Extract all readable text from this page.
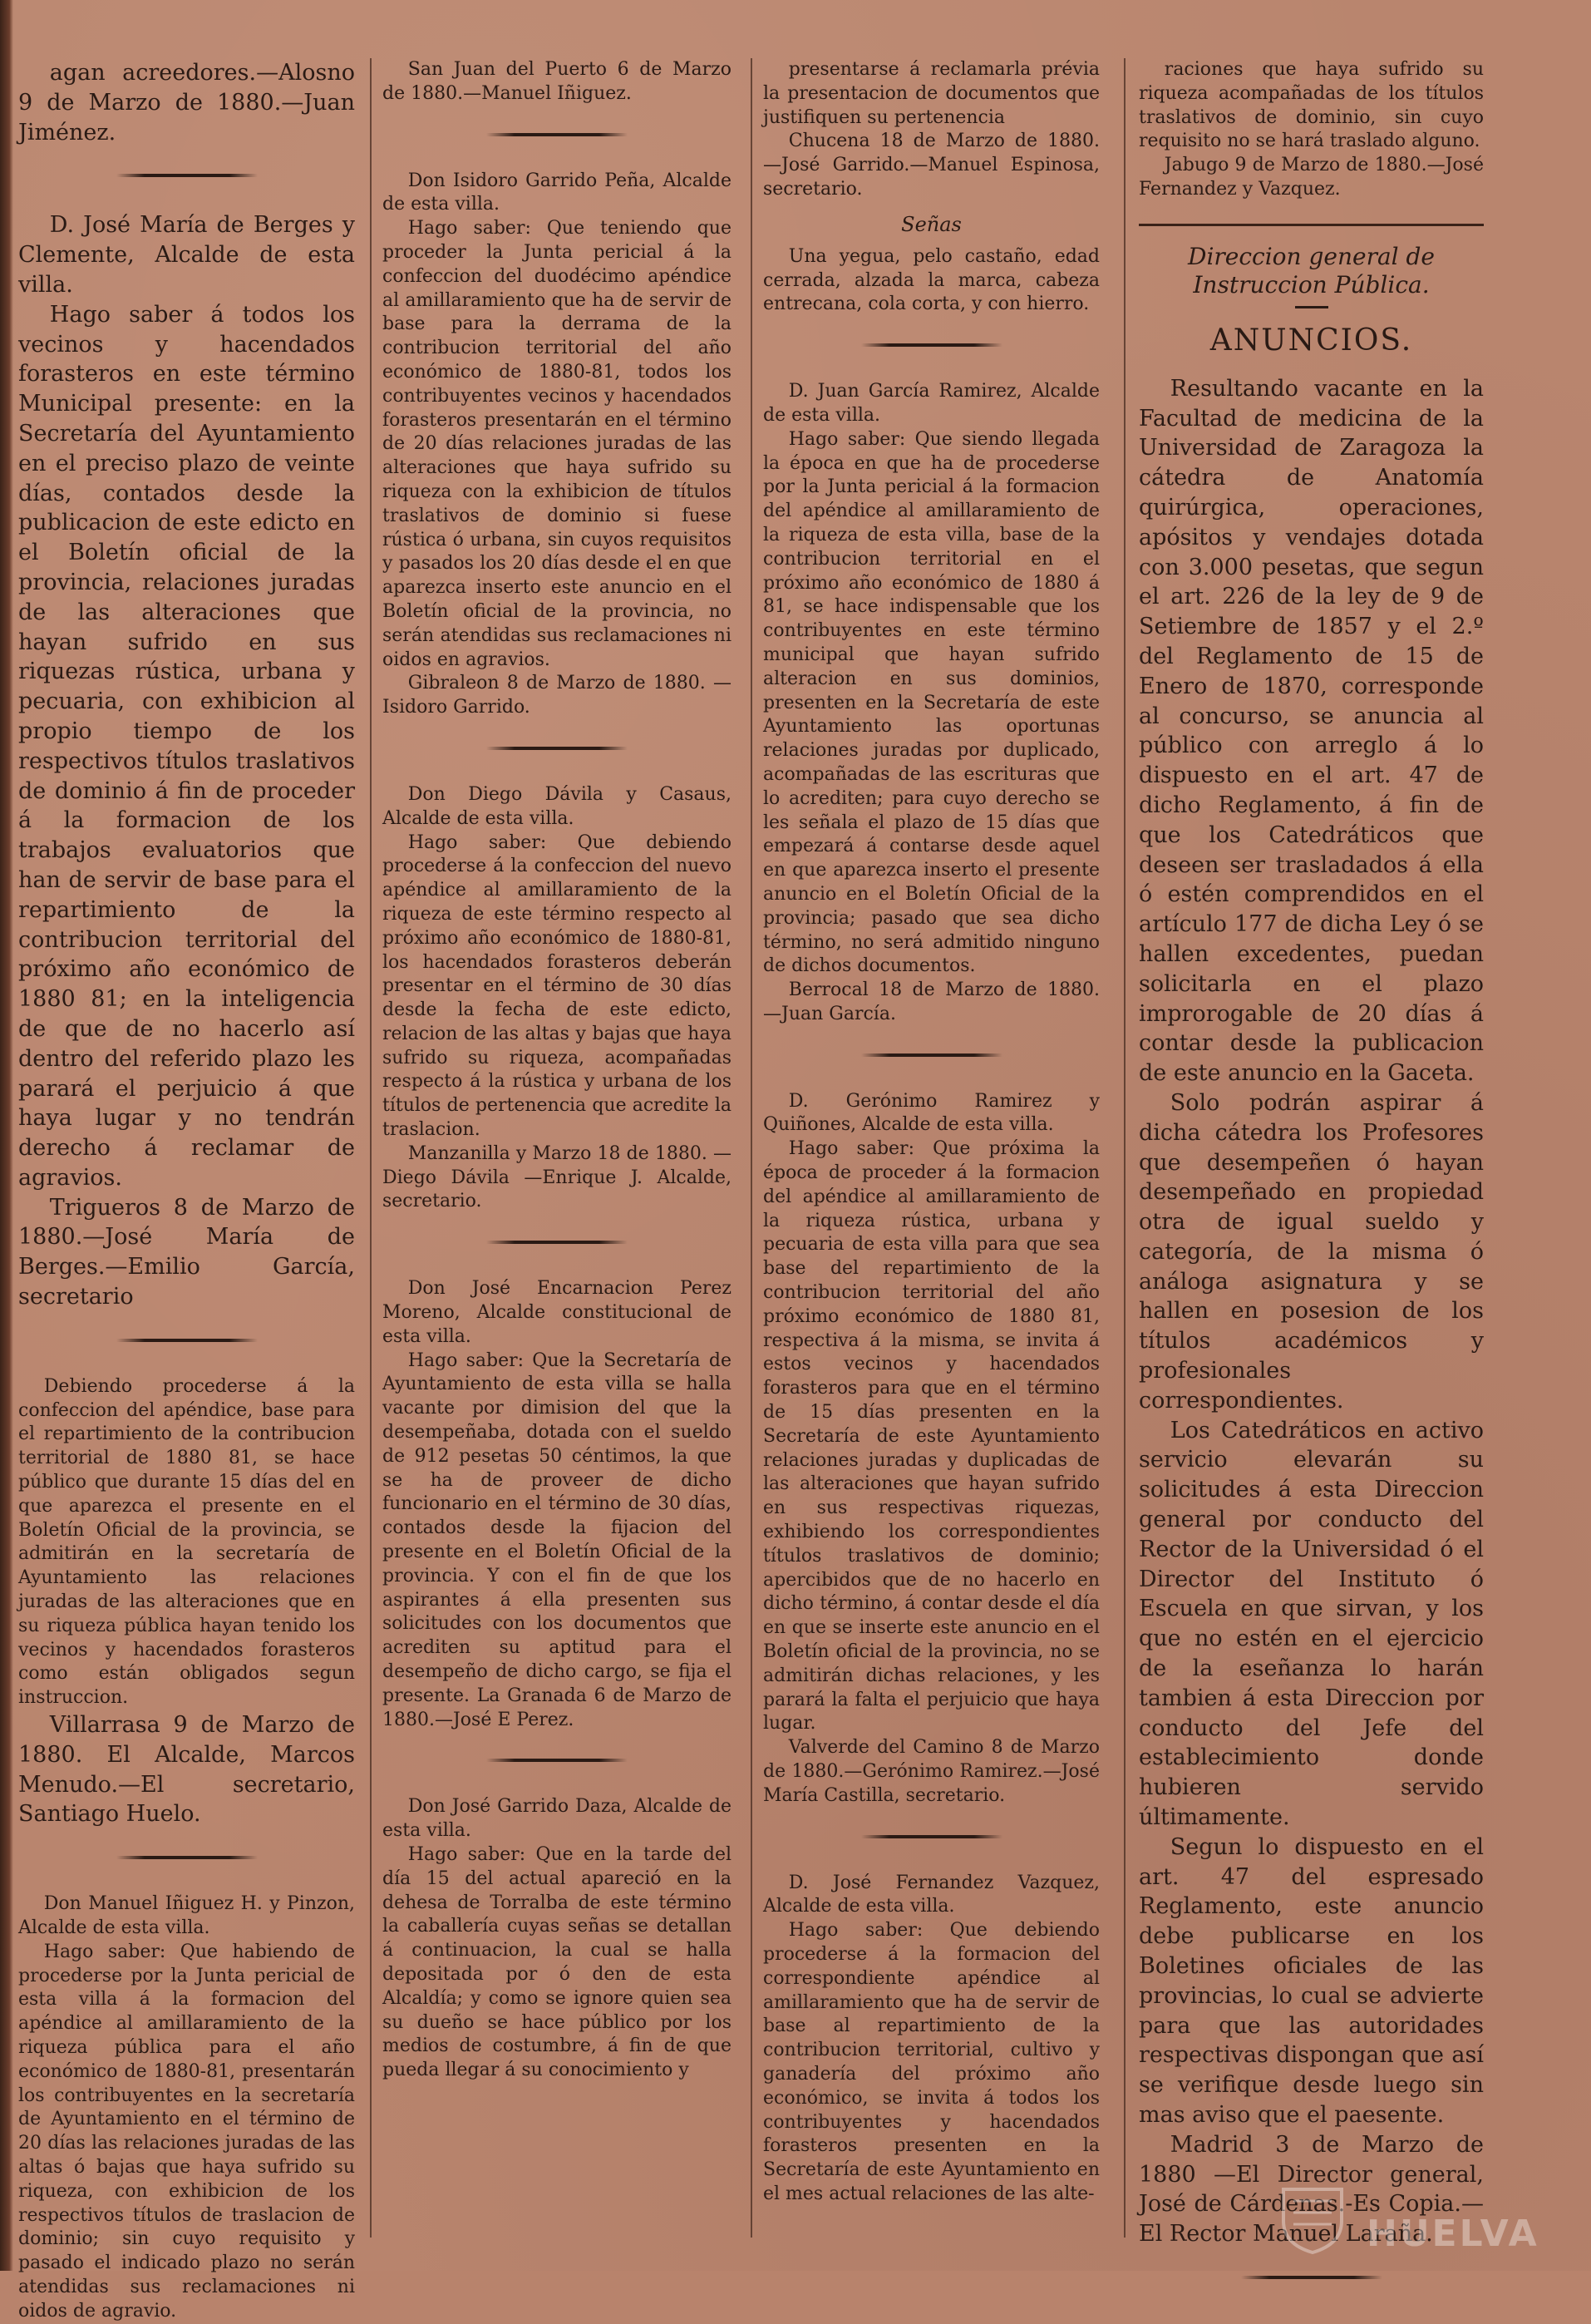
agan acreedores.—Alosno 9 de Marzo de 1880.—Juan Jiménez.

D. José María de Berges y Clemente, Alcalde de esta villa.

Hago saber á todos los vecinos y hacendados forasteros en este término Municipal presente: en la Secretaría del Ayuntamiento en el preciso plazo de veinte días, contados desde la publicacion de este edicto en el Boletín oficial de la provincia, relaciones juradas de las alteraciones que hayan sufrido en sus riquezas rústica, urbana y pecuaria, con exhibicion al propio tiempo de los respectivos títulos traslativos de dominio á fin de proceder á la formacion de los trabajos evaluatorios que han de servir de base para el repartimiento de la contribucion territorial del próximo año económico de 1880 81; en la inteligencia de que de no hacerlo así dentro del referido plazo les parará el perjuicio á que haya lugar y no tendrán derecho á reclamar de agravios.

Trigueros 8 de Marzo de 1880.—José María de Berges.—Emilio García, secretario

Debiendo procederse á la confeccion del apéndice, base para el repartimiento de la contribucion territorial de 1880 81, se hace público que durante 15 días del en que aparezca el presente en el Boletín Oficial de la provincia, se admitirán en la secretaría de Ayuntamiento las relaciones juradas de las alteraciones que en su riqueza pública hayan tenido los vecinos y hacendados forasteros como están obligados segun instruccion.

Villarrasa 9 de Marzo de 1880. El Alcalde, Marcos Menudo.—El secretario, Santiago Huelo.

Don Manuel Iñiguez H. y Pinzon, Alcalde de esta villa.

Hago saber: Que habiendo de procederse por la Junta pericial de esta villa á la formacion del apéndice al amillaramiento de la riqueza pública para el año económico de 1880-81, presentarán los contribuyentes en la secretaría de Ayuntamiento en el término de 20 días las relaciones juradas de las altas ó bajas que haya sufrido su riqueza, con exhibicion de los respectivos títulos de traslacion de dominio; sin cuyo requisito y pasado el indicado plazo no serán atendidas sus reclamaciones ni oidos de agravio.

San Juan del Puerto 6 de Marzo de 1880.—Manuel Iñiguez.

Don Isidoro Garrido Peña, Alcalde de esta villa.

Hago saber: Que teniendo que proceder la Junta pericial á la confeccion del duodécimo apéndice al amillaramiento que ha de servir de base para la derrama de la contribucion territorial del año económico de 1880-81, todos los contribuyentes vecinos y hacendados forasteros presentarán en el término de 20 días relaciones juradas de las alteraciones que haya sufrido su riqueza con la exhibicion de títulos traslativos de dominio si fuese rústica ó urbana, sin cuyos requisitos y pasados los 20 días desde el en que aparezca inserto este anuncio en el Boletín oficial de la provincia, no serán atendidas sus reclamaciones ni oidos en agravios.

Gibraleon 8 de Marzo de 1880. —Isidoro Garrido.

Don Diego Dávila y Casaus, Alcalde de esta villa.

Hago saber: Que debiendo procederse á la confeccion del nuevo apéndice al amillaramiento de la riqueza de este término respecto al próximo año económico de 1880-81, los hacendados forasteros deberán presentar en el término de 30 días desde la fecha de este edicto, relacion de las altas y bajas que haya sufrido su riqueza, acompañadas respecto á la rústica y urbana de los títulos de pertenencia que acredite la traslacion.

Manzanilla y Marzo 18 de 1880. —Diego Dávila —Enrique J. Alcalde, secretario.

Don José Encarnacion Perez Moreno, Alcalde constitucional de esta villa.

Hago saber: Que la Secretaría de Ayuntamiento de esta villa se halla vacante por dimision del que la desempeñaba, dotada con el sueldo de 912 pesetas 50 céntimos, la que se ha de proveer de dicho funcionario en el término de 30 días, contados desde la fijacion del presente en el Boletín Oficial de la provincia. Y con el fin de que los aspirantes á ella presenten sus solicitudes con los documentos que acrediten su aptitud para el desempeño de dicho cargo, se fija el presente. La Granada 6 de Marzo de 1880.—José E Perez.

Don José Garrido Daza, Alcalde de esta villa.

Hago saber: Que en la tarde del día 15 del actual apareció en la dehesa de Torralba de este término la caballería cuyas señas se detallan á continuacion, la cual se halla depositada por ó den de esta Alcaldía; y como se ignore quien sea su dueño se hace público por los medios de costumbre, á fin de que pueda llegar á su conocimiento y

presentarse á reclamarla prévia la presentacion de documentos que justifiquen su pertenencia

Chucena 18 de Marzo de 1880. —José Garrido.—Manuel Espinosa, secretario.

Señas

Una yegua, pelo castaño, edad cerrada, alzada la marca, cabeza entrecana, cola corta, y con hierro.

D. Juan García Ramirez, Alcalde de esta villa.

Hago saber: Que siendo llegada la época en que ha de procederse por la Junta pericial á la formacion del apéndice al amillaramiento de la riqueza de esta villa, base de la contribucion territorial en el próximo año económico de 1880 á 81, se hace indispensable que los contribuyentes en este término municipal que hayan sufrido alteracion en sus dominios, presenten en la Secretaría de este Ayuntamiento las oportunas relaciones juradas por duplicado, acompañadas de las escrituras que lo acrediten; para cuyo derecho se les señala el plazo de 15 días que empezará á contarse desde aquel en que aparezca inserto el presente anuncio en el Boletín Oficial de la provincia; pasado que sea dicho término, no será admitido ninguno de dichos documentos.

Berrocal 18 de Marzo de 1880. —Juan García.

D. Gerónimo Ramirez y Quiñones, Alcalde de esta villa.

Hago saber: Que próxima la época de proceder á la formacion del apéndice al amillaramiento de la riqueza rústica, urbana y pecuaria de esta villa para que sea base del repartimiento de la contribucion territorial del año próximo económico de 1880 81, respectiva á la misma, se invita á estos vecinos y hacendados forasteros para que en el término de 15 días presenten en la Secretaría de este Ayuntamiento relaciones juradas y duplicadas de las alteraciones que hayan sufrido en sus respectivas riquezas, exhibiendo los correspondientes títulos traslativos de dominio; apercibidos que de no hacerlo en dicho término, á contar desde el día en que se inserte este anuncio en el Boletín oficial de la provincia, no se admitirán dichas relaciones, y les parará la falta el perjuicio que haya lugar.

Valverde del Camino 8 de Marzo de 1880.—Gerónimo Ramirez.—José María Castilla, secretario.

D. José Fernandez Vazquez, Alcalde de esta villa.

Hago saber: Que debiendo procederse á la formacion del correspondiente apéndice al amillaramiento que ha de servir de base al repartimiento de la contribucion territorial, cultivo y ganadería del próximo año económico, se invita á todos los contribuyentes y hacendados forasteros presenten en la Secretaría de este Ayuntamiento en el mes actual relaciones de las alte-

raciones que haya sufrido su riqueza acompañadas de los títulos traslativos de dominio, sin cuyo requisito no se hará traslado alguno.

Jabugo 9 de Marzo de 1880.—José Fernandez y Vazquez.

Direccion general de Instruccion Pública.
ANUNCIOS.

Resultando vacante en la Facultad de medicina de la Universidad de Zaragoza la cátedra de Anatomía quirúrgica, operaciones, apósitos y vendajes dotada con 3.000 pesetas, que segun el art. 226 de la ley de 9 de Setiembre de 1857 y el 2.º del Reglamento de 15 de Enero de 1870, corresponde al concurso, se anuncia al público con arreglo á lo dispuesto en el art. 47 de dicho Reglamento, á fin de que los Catedráticos que deseen ser trasladados á ella ó estén comprendidos en el artículo 177 de dicha Ley ó se hallen excedentes, puedan solicitarla en el plazo improrogable de 20 días á contar desde la publicacion de este anuncio en la Gaceta.

Solo podrán aspirar á dicha cátedra los Profesores que desempeñen ó hayan desempeñado en propiedad otra de igual sueldo y categoría, de la misma ó análoga asignatura y se hallen en posesion de los títulos académicos y profesionales correspondientes.

Los Catedráticos en activo servicio elevarán su solicitudes á esta Direccion general por conducto del Rector de la Universidad ó el Director del Instituto ó Escuela en que sirvan, y los que no estén en el ejercicio de la eseñanza lo harán tambien á esta Direccion por conducto del Jefe del establecimiento donde hubieren servido últimamente.

Segun lo dispuesto en el art. 47 del espresado Reglamento, este anuncio debe publicarse en los Boletines oficiales de las provincias, lo cual se advierte para que las autoridades respectivas dispongan que así se verifique desde luego sin mas aviso que el paesente.

Madrid 3 de Marzo de 1880 —El Director general, José de Cárdenas.-Es Copia.—El Rector Manuel Laraña.

HUELVA
